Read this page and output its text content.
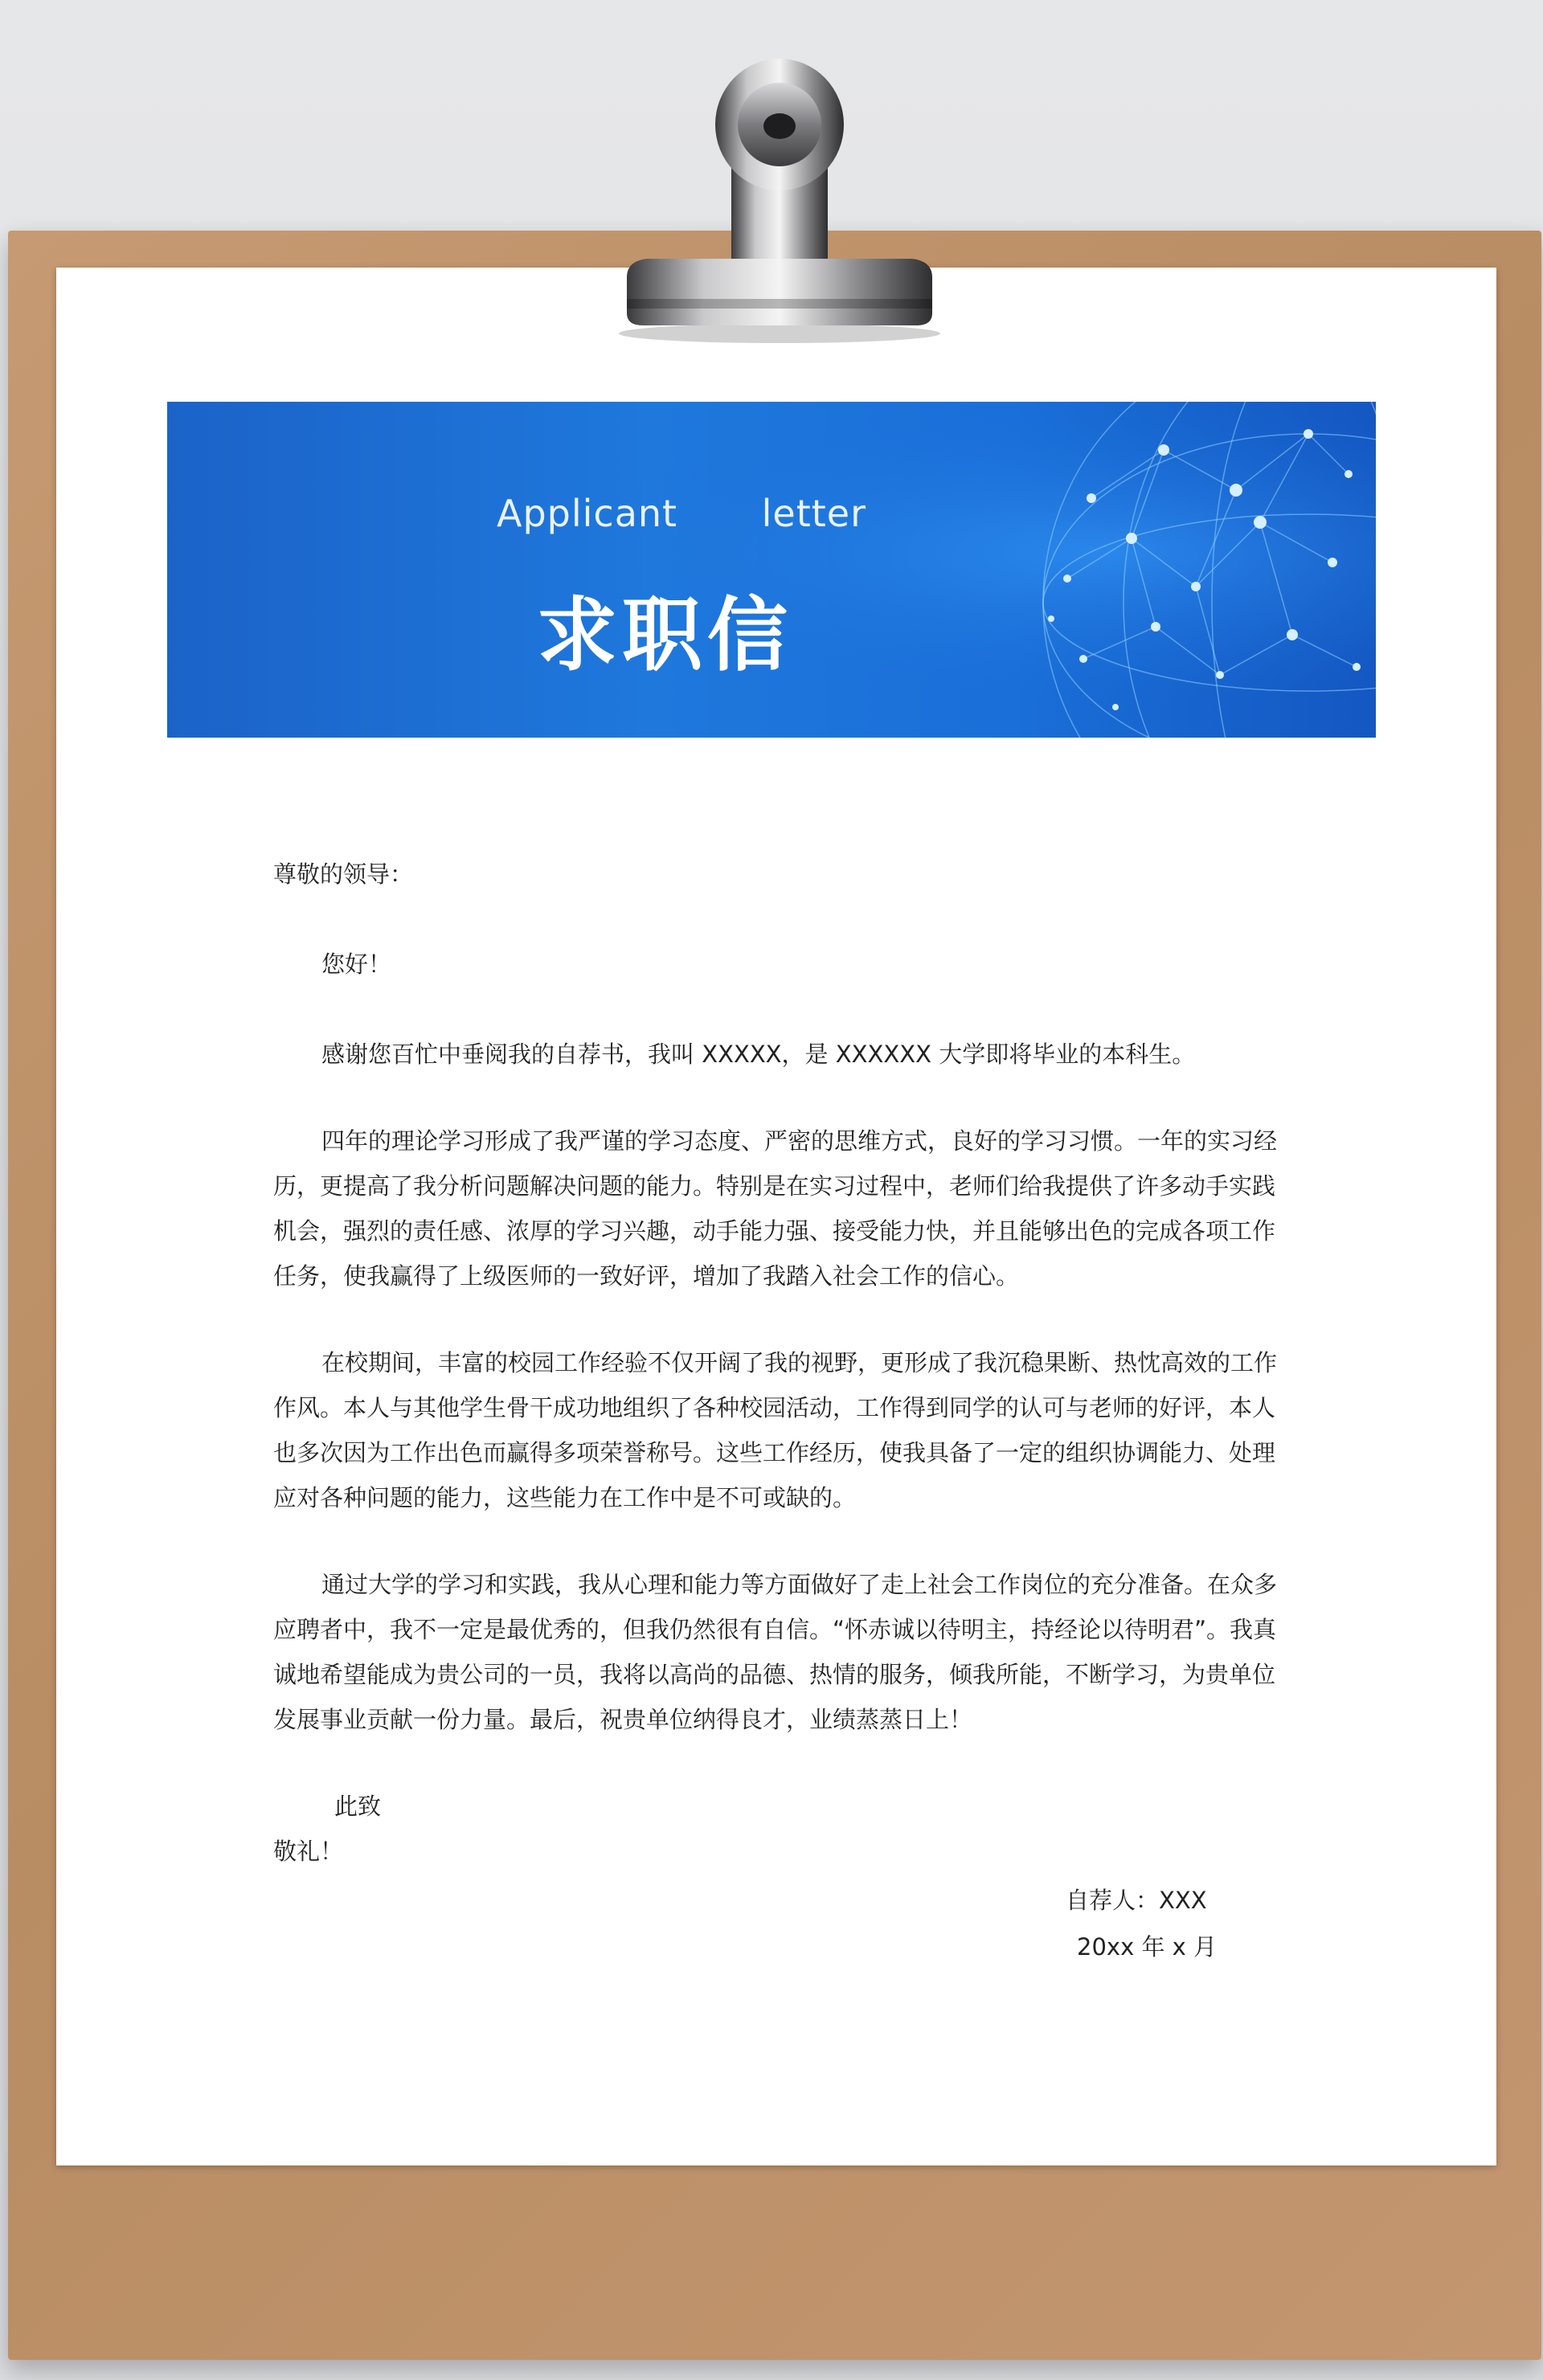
Applicant letter
求职信

尊敬的领导：

您好！

感谢您百忙中垂阅我的自荐书，我叫 XXXXX，是 XXXXXX 大学即将毕业的本科生。

四年的理论学习形成了我严谨的学习态度、严密的思维方式，良好的学习习惯。一年的实习经历，更提高了我分析问题解决问题的能力。特别是在实习过程中，老师们给我提供了许多动手实践机会，强烈的责任感、浓厚的学习兴趣，动手能力强、接受能力快，并且能够出色的完成各项工作任务，使我赢得了上级医师的一致好评，增加了我踏入社会工作的信心。

在校期间，丰富的校园工作经验不仅开阔了我的视野，更形成了我沉稳果断、热忱高效的工作作风。本人与其他学生骨干成功地组织了各种校园活动，工作得到同学的认可与老师的好评，本人也多次因为工作出色而赢得多项荣誉称号。这些工作经历，使我具备了一定的组织协调能力、处理应对各种问题的能力，这些能力在工作中是不可或缺的。

通过大学的学习和实践，我从心理和能力等方面做好了走上社会工作岗位的充分准备。在众多应聘者中，我不一定是最优秀的，但我仍然很有自信。“怀赤诚以待明主，持经论以待明君”。我真诚地希望能成为贵公司的一员，我将以高尚的品德、热情的服务，倾我所能，不断学习，为贵单位发展事业贡献一份力量。最后，祝贵单位纳得良才，业绩蒸蒸日上！

此致

敬礼！

自荐人：XXX
20xx 年 x 月
